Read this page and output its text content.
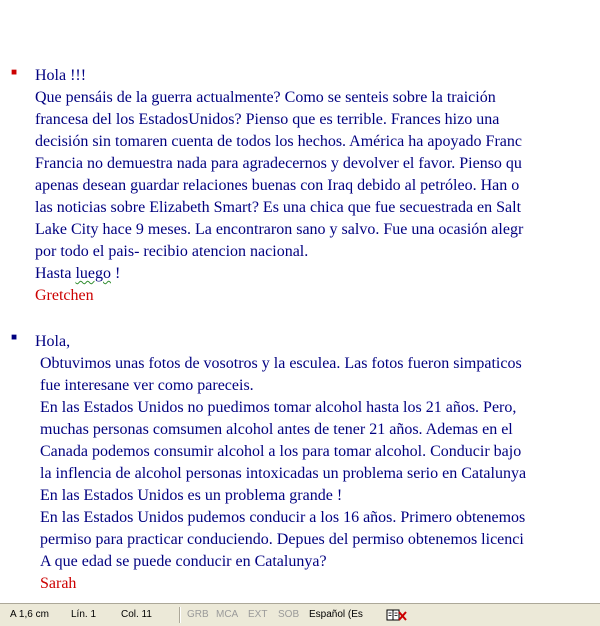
■ Hola !!!
Que pensáis de la guerra actualmente? Como se senteis sobre la traición
francesa del los EstadosUnidos? Pienso que es terrible. Frances hizo una
decisión sin tomaren cuenta de todos los hechos. América ha apoyado Franc
Francia no demuestra nada para agradecernos y devolver el favor. Pienso qu
apenas desean guardar relaciones buenas con Iraq debido al petróleo. Han o
las noticias sobre Elizabeth Smart? Es una chica que fue secuestrada en Salt
Lake City hace 9 meses. La encontraron sano y salvo. Fue una ocasión alegr
por todo el pais- recibio atencion nacional.
Hasta luego !
Gretchen
■ Hola,
Obtuvimos unas fotos de vosotros y la esculea. Las fotos fueron simpaticos
fue interesane ver como pareceis.
En las Estados Unidos no puedimos tomar alcohol hasta los 21 años. Pero,
muchas personas comsumen alcohol antes de tener 21 años. Ademas en el
Canada podemos consumir alcohol a los para tomar alcohol. Conducir bajo
la inflencia de alcohol personas intoxicadas un problema serio en Catalunya
En las Estados Unidos es un problema grande !
En las Estados Unidos pudemos conducir a los 16 años. Primero obtenemos
permiso para practicar conduciendo. Depues del permiso obtenemos licenci
A que edad se puede conducir en Catalunya?
Sarah
A 1,6 cm Lín. 1 Col. 11	GRB MCA EXT SOB Español (Es
